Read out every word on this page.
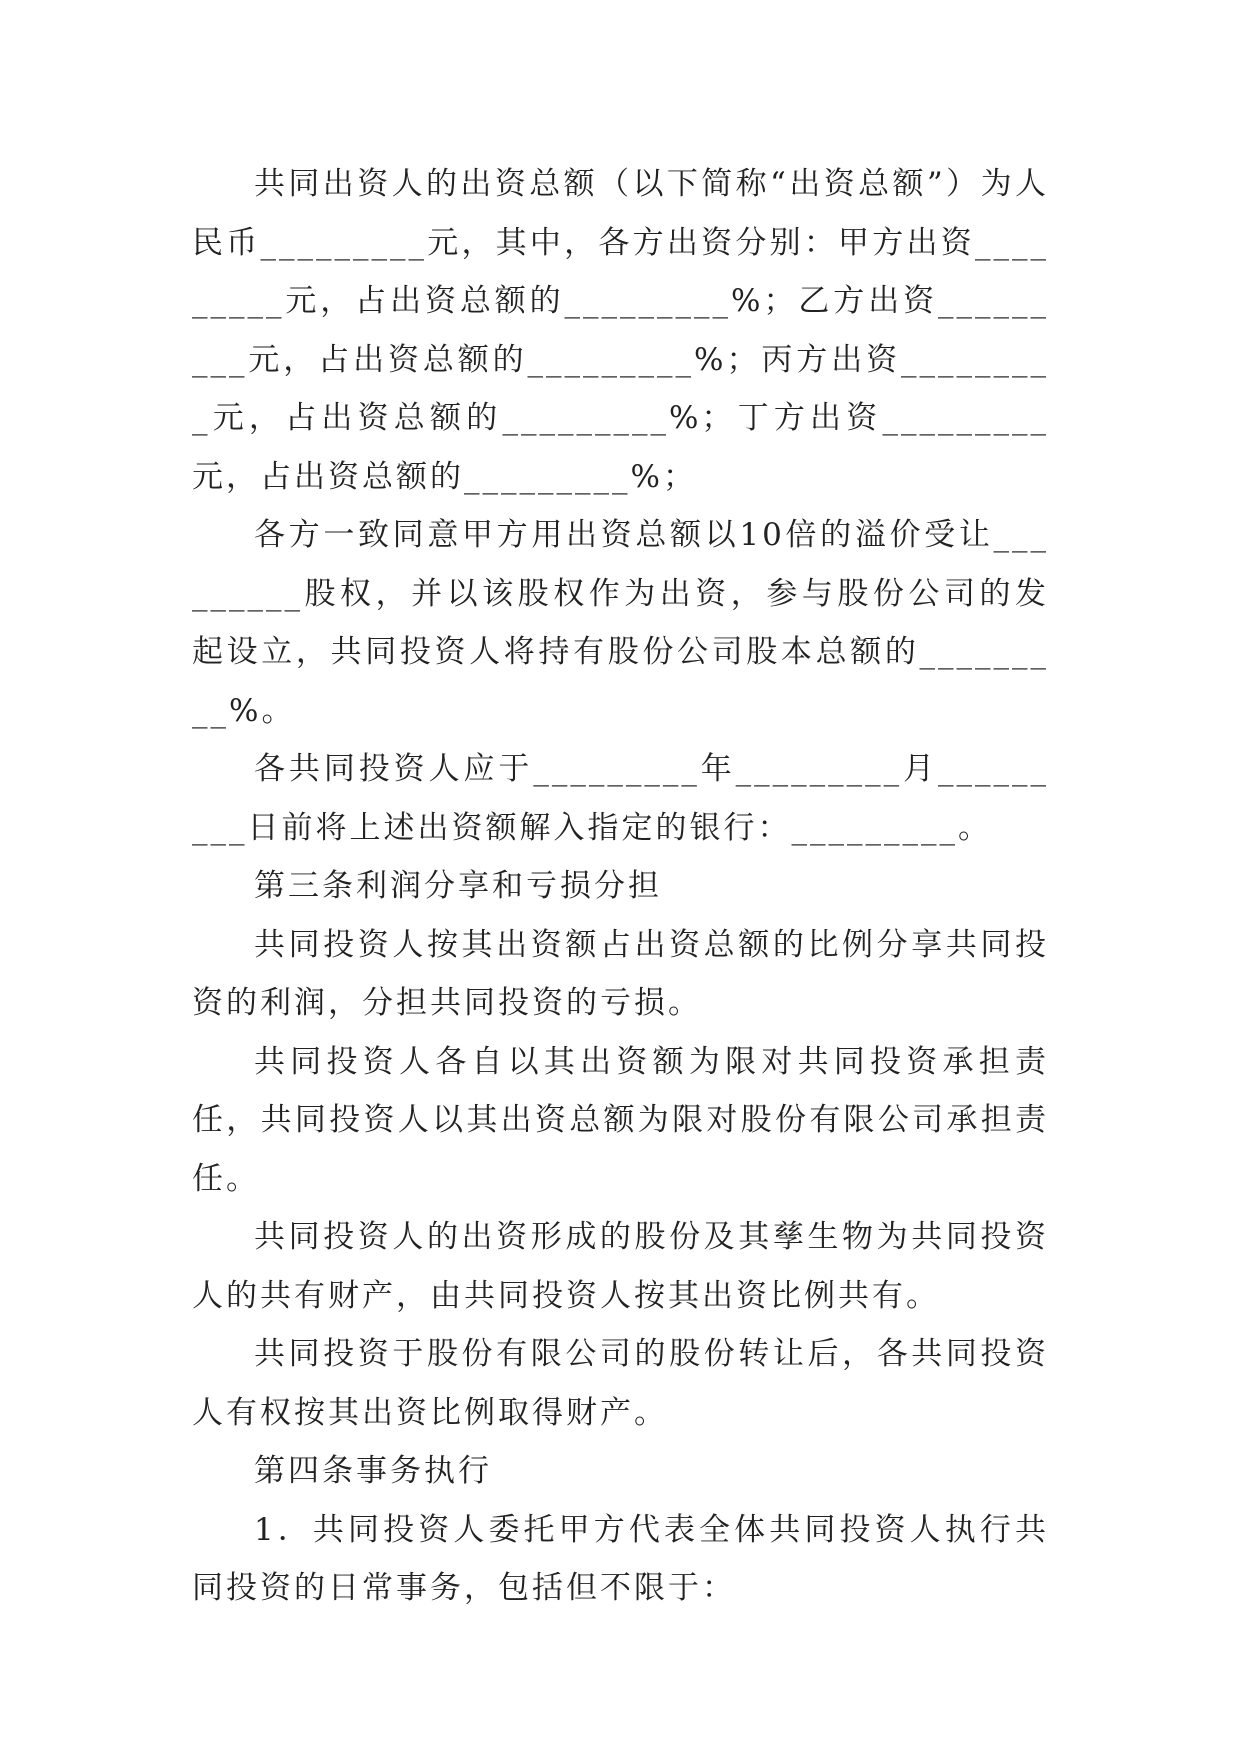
共同出资人的出资总额（以下简称“出资总额”）为人民币_________元，其中，各方出资分别：甲方出资_________元，占出资总额的_________%；乙方出资_________元，占出资总额的_________%；丙方出资_________元，占出资总额的_________%；丁方出资_________元，占出资总额的_________%；

各方一致同意甲方用出资总额以10倍的溢价受让_________股权，并以该股权作为出资，参与股份公司的发起设立，共同投资人将持有股份公司股本总额的_________%。

各共同投资人应于_________年_________月_________日前将上述出资额解入指定的银行：_________。

第三条利润分享和亏损分担

共同投资人按其出资额占出资总额的比例分享共同投资的利润，分担共同投资的亏损。

共同投资人各自以其出资额为限对共同投资承担责任，共同投资人以其出资总额为限对股份有限公司承担责任。

共同投资人的出资形成的股份及其孳生物为共同投资人的共有财产，由共同投资人按其出资比例共有。

共同投资于股份有限公司的股份转让后，各共同投资人有权按其出资比例取得财产。

第四条事务执行

1．共同投资人委托甲方代表全体共同投资人执行共同投资的日常事务，包括但不限于：
